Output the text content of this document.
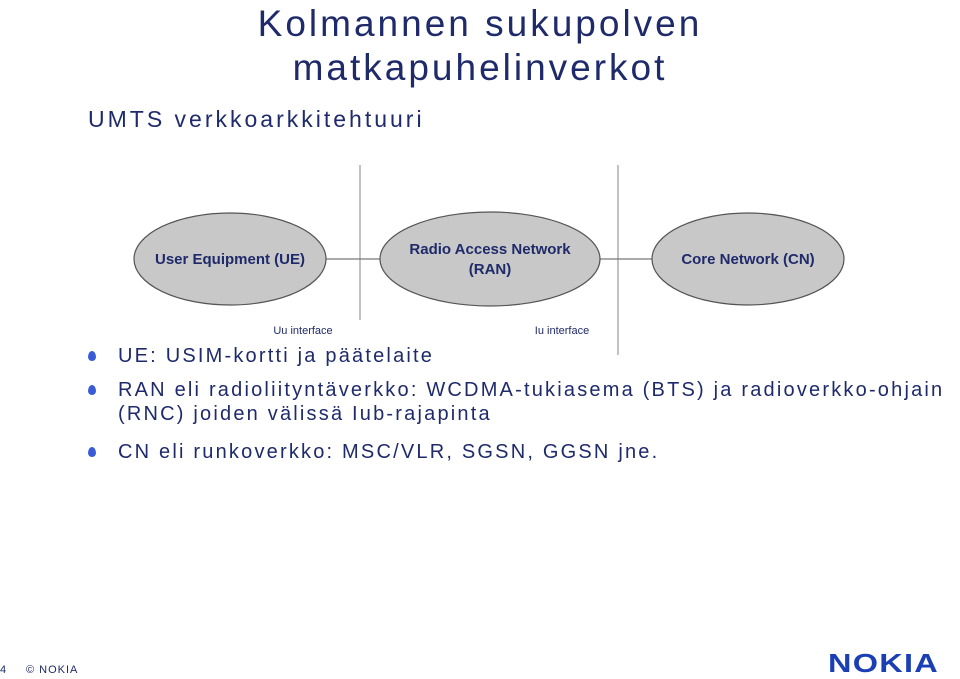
Kolmannen sukupolven
matkapuhelinverkot
UMTS verkkoarkkitehtuuri
User Equipment (UE)
Radio Access Network
(RAN)
Core Network (CN)
Uu interface	Iu interface
UE: USIM-kortti ja päätelaite
RAN eli radioliityntäverkko: WCDMA-tukiasema (BTS) ja radioverkko-ohjain (RNC) joiden välissä Iub-rajapinta
CN eli runkoverkko: MSC/VLR, SGSN, GGSN jne.
4 © NOKIA	NOKIA
